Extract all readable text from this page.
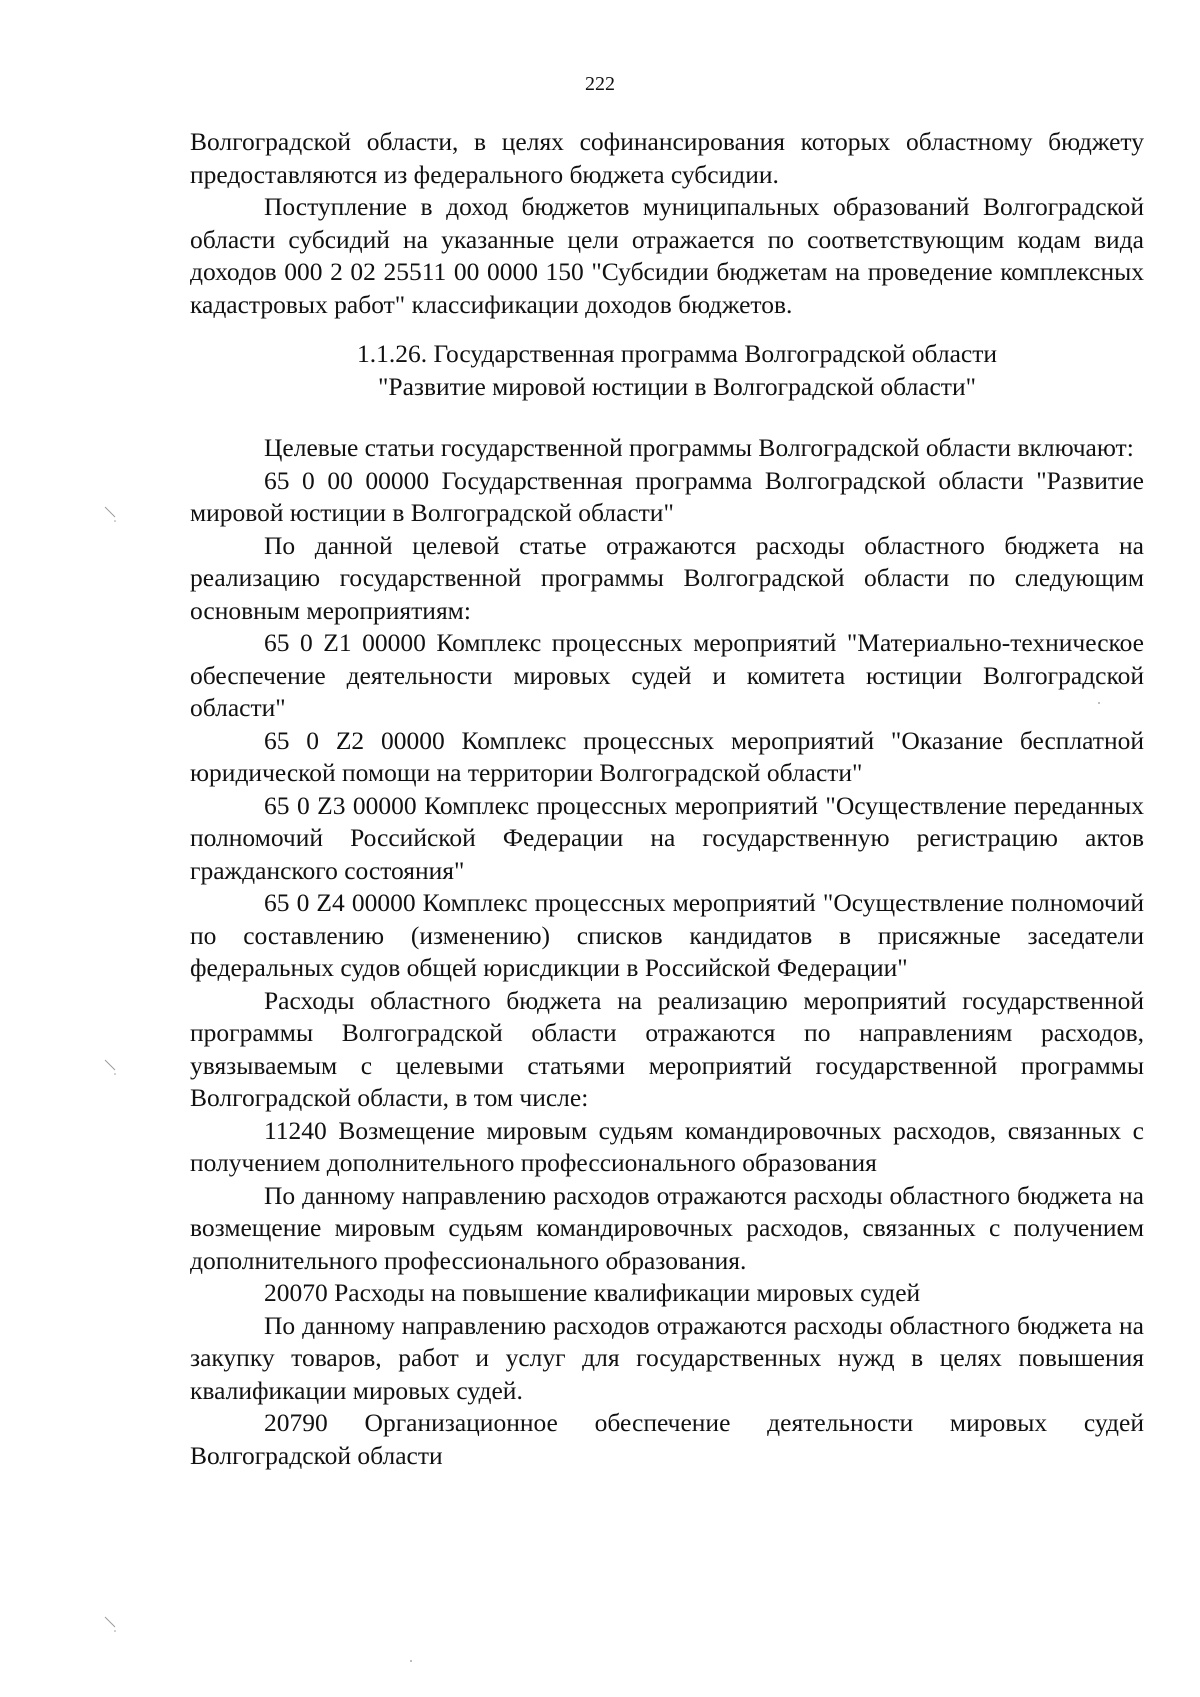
222

Волгоградской области, в целях софинансирования которых областному бюджету предоставляются из федерального бюджета субсидии.

Поступление в доход бюджетов муниципальных образований Волгоградской области субсидий на указанные цели отражается по соответствующим кодам вида доходов 000 2 02 25511 00 0000 150 "Субсидии бюджетам на проведение комплексных кадастровых работ" классификации доходов бюджетов.

1.1.26. Государственная программа Волгоградской области
"Развитие мировой юстиции в Волгоградской области"

Целевые статьи государственной программы Волгоградской области включают:

65 0 00 00000 Государственная программа Волгоградской области "Развитие мировой юстиции в Волгоградской области"

По данной целевой статье отражаются расходы областного бюджета на реализацию государственной программы Волгоградской области по следующим основным мероприятиям:

65 0 Z1 00000 Комплекс процессных мероприятий "Материально-техническое обеспечение деятельности мировых судей и комитета юстиции Волгоградской области"

65 0 Z2 00000 Комплекс процессных мероприятий "Оказание бесплатной юридической помощи на территории Волгоградской области"

65 0 Z3 00000 Комплекс процессных мероприятий "Осуществление переданных полномочий Российской Федерации на государственную регистрацию актов гражданского состояния"

65 0 Z4 00000 Комплекс процессных мероприятий "Осуществление полномочий по составлению (изменению) списков кандидатов в присяжные заседатели федеральных судов общей юрисдикции в Российской Федерации"

Расходы областного бюджета на реализацию мероприятий государственной программы Волгоградской области отражаются по направлениям расходов, увязываемым с целевыми статьями мероприятий государственной программы Волгоградской области, в том числе:

11240 Возмещение мировым судьям командировочных расходов, связанных с получением дополнительного профессионального образования

По данному направлению расходов отражаются расходы областного бюджета на возмещение мировым судьям командировочных расходов, связанных с получением дополнительного профессионального образования.

20070 Расходы на повышение квалификации мировых судей

По данному направлению расходов отражаются расходы областного бюджета на закупку товаров, работ и услуг для государственных нужд в целях повышения квалификации мировых судей.

20790 Организационное обеспечение деятельности мировых судей Волгоградской области
